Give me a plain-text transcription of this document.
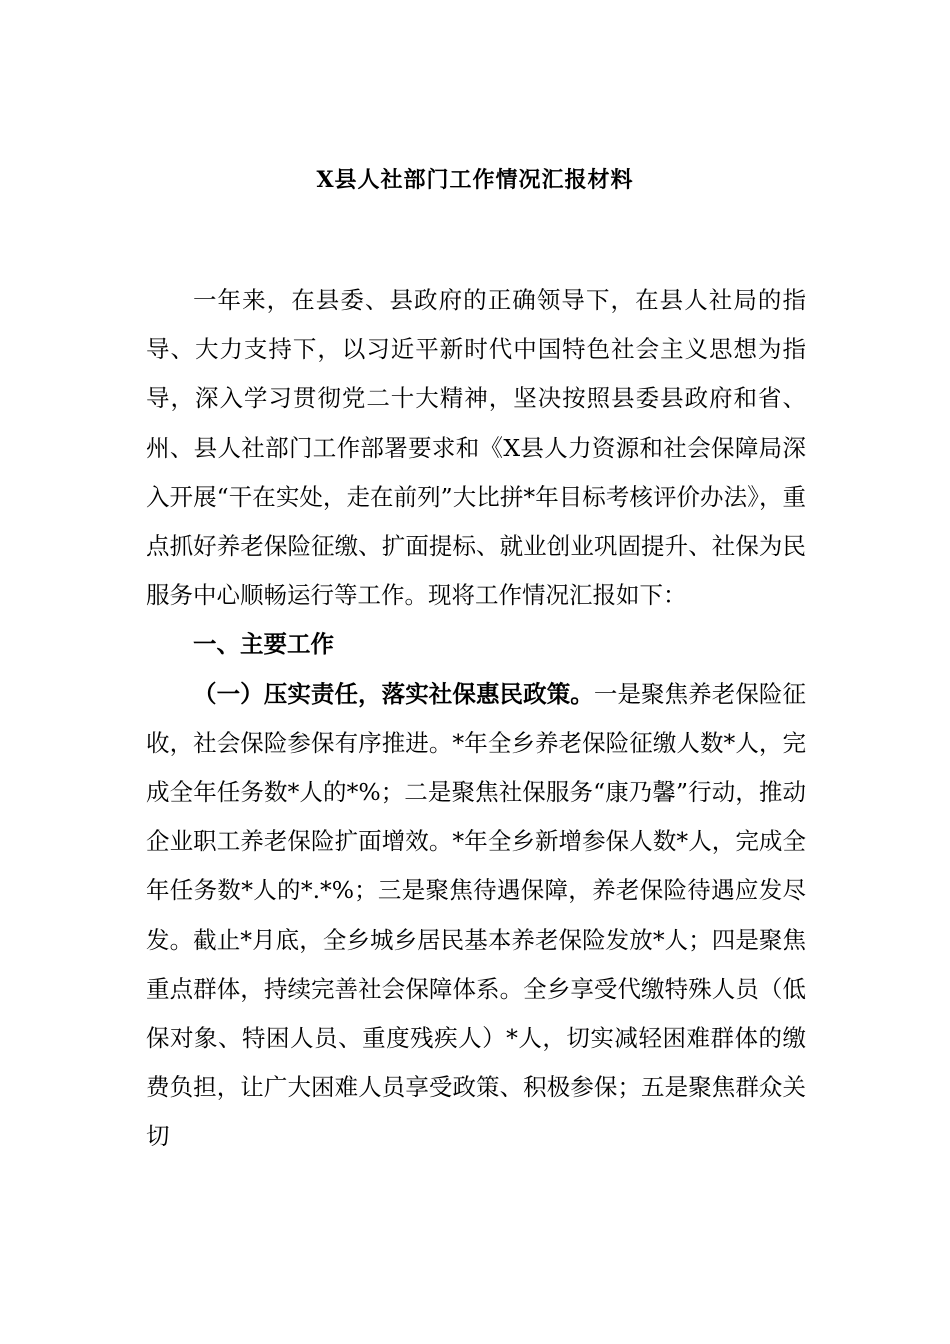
X县人社部门工作情况汇报材料

一年来，在县委、县政府的正确领导下，在县人社局的指导、大力支持下，以习近平新时代中国特色社会主义思想为指导，深入学习贯彻党二十大精神，坚决按照县委县政府和省、州、县人社部门工作部署要求和《X县人力资源和社会保障局深入开展“干在实处，走在前列”大比拼*年目标考核评价办法》，重点抓好养老保险征缴、扩面提标、就业创业巩固提升、社保为民服务中心顺畅运行等工作。现将工作情况汇报如下：

一、主要工作

（一）压实责任，落实社保惠民政策。一是聚焦养老保险征收，社会保险参保有序推进。*年全乡养老保险征缴人数*人，完成全年任务数*人的*%；二是聚焦社保服务“康乃馨”行动，推动企业职工养老保险扩面增效。*年全乡新增参保人数*人，完成全年任务数*人的*.*%；三是聚焦待遇保障，养老保险待遇应发尽发。截止*月底，全乡城乡居民基本养老保险发放*人；四是聚焦重点群体，持续完善社会保障体系。全乡享受代缴特殊人员（低保对象、特困人员、重度残疾人）*人，切实减轻困难群体的缴费负担，让广大困难人员享受政策、积极参保；五是聚焦群众关切
